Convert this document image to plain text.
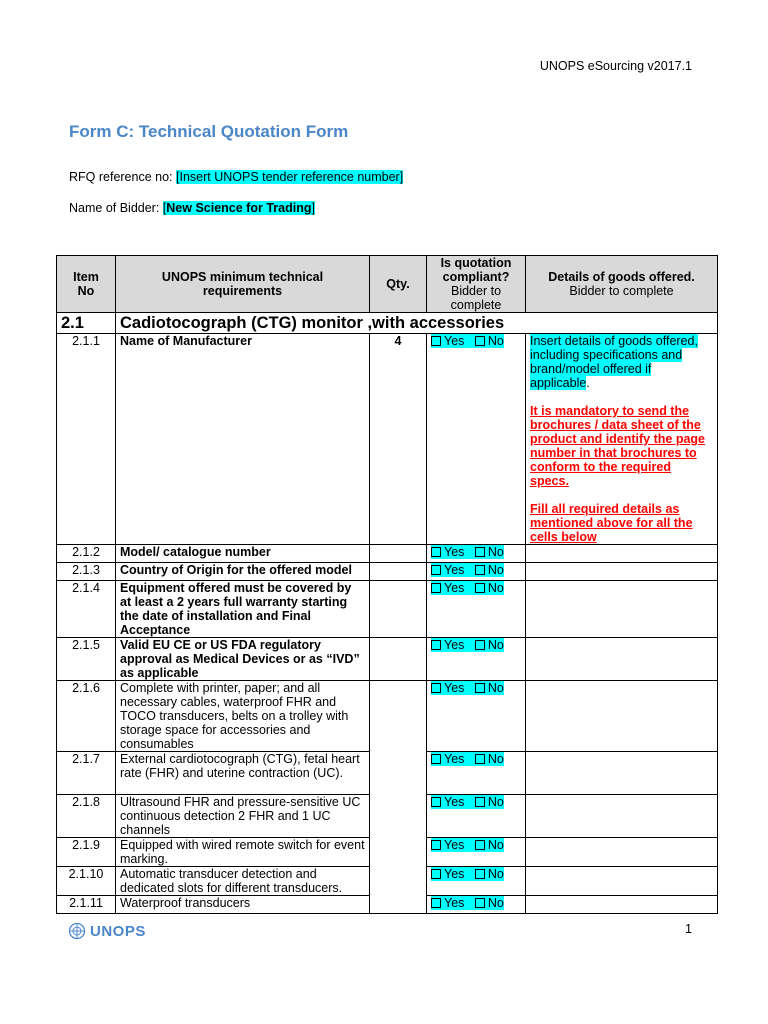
UNOPS eSourcing v2017.1
Form C: Technical Quotation Form
RFQ reference no: [Insert UNOPS tender reference number]
Name of Bidder: [New Science for Trading]
Item
No	UNOPS minimum technical
requirements	Qty.	Is quotation
compliant?
Bidder to
complete	Details of goods offered.
Bidder to complete

2.1	Cadiotocograph (CTG) monitor ,with accessories			
2.1.1	Name of Manufacturer	4	Yes No	Insert details of goods offered, including specifications and brand/model offered if applicable.

It is mandatory to send the brochures / data sheet of the product and identify the page number in that brochures to conform to the required specs.

Fill all required details as mentioned above for all the cells below
2.1.2	Model/ catalogue number		Yes No	
2.1.3	Country of Origin for the offered model		Yes No	
2.1.4	Equipment offered must be covered by at least a 2 years full warranty starting the date of installation and Final Acceptance		Yes No	
2.1.5	Valid EU CE or US FDA regulatory approval as Medical Devices or as “IVD” as applicable		Yes No	
2.1.6	Complete with printer, paper; and all necessary cables, waterproof FHR and TOCO transducers, belts on a trolley with storage space for accessories and consumables		Yes No	
2.1.7	External cardiotocograph (CTG), fetal heart rate (FHR) and uterine contraction (UC).		Yes No	
2.1.8	Ultrasound FHR and pressure-sensitive UC continuous detection 2 FHR and 1 UC channels		Yes No	
2.1.9	Equipped with wired remote switch for event marking.		Yes No	
2.1.10	Automatic transducer detection and dedicated slots for different transducers.		Yes No	
2.1.11	Waterproof transducers		Yes No	
UNOPS	1
